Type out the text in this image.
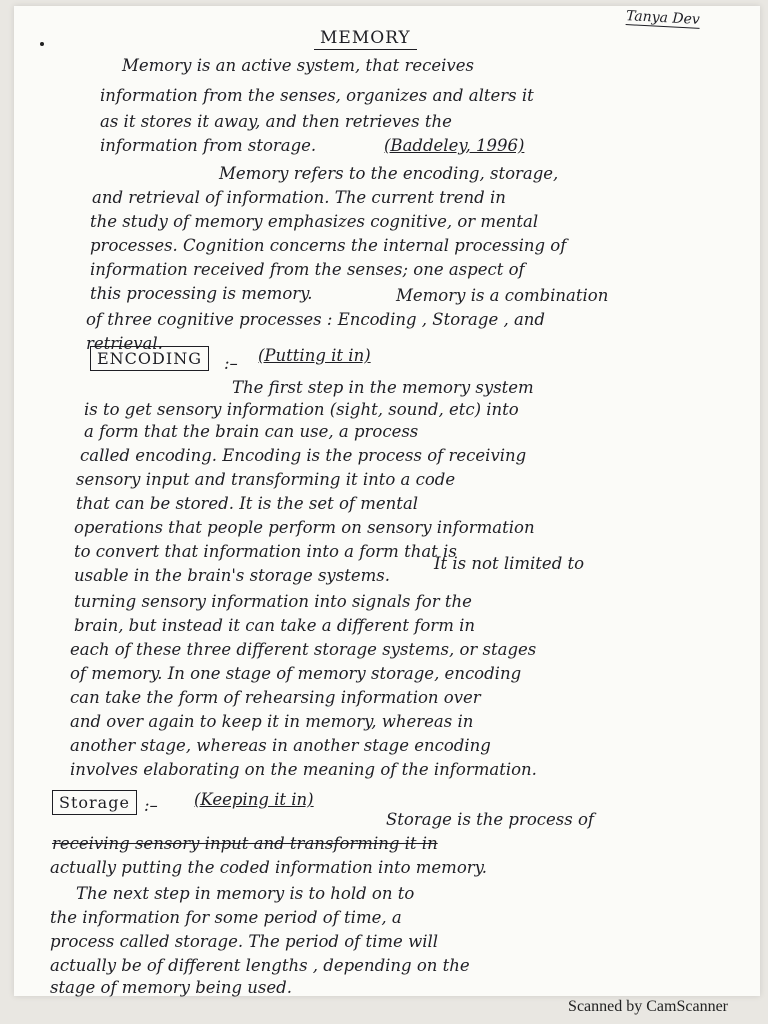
Tanya Dev
MEMORY
Memory is an active system, that receives
information from the senses, organizes and alters it
as it stores it away, and then retrieves the
information from storage.	(Baddeley, 1996)
Memory refers to the encoding, storage,
and retrieval of information. The current trend in
the study of memory emphasizes cognitive, or mental
processes. Cognition concerns the internal processing of
information received from the senses; one aspect of
this processing is memory.	Memory is a combination
of three cognitive processes : Encoding , Storage , and
retrieval.
ENCODING	:– (Putting it in)
The first step in the memory system
is to get sensory information (sight, sound, etc) into
a form that the brain can use, a process
called encoding. Encoding is the process of receiving
sensory input and transforming it into a code
that can be stored. It is the set of mental
operations that people perform on sensory information
to convert that information into a form that is
usable in the brain's storage systems.
It is not limited to
turning sensory information into signals for the
brain, but instead it can take a different form in
each of these three different storage systems, or stages
of memory. In one stage of memory storage, encoding
can take the form of rehearsing information over
and over again to keep it in memory, whereas in
another stage, whereas in another stage encoding
involves elaborating on the meaning of the information.
Storage :– (Keeping it in)
Storage is the process of
receiving sensory input and transforming it in
actually putting the coded information into memory.
The next step in memory is to hold on to
the information for some period of time, a
process called storage. The period of time will
actually be of different lengths , depending on the
stage of memory being used.
Scanned by CamScanner
